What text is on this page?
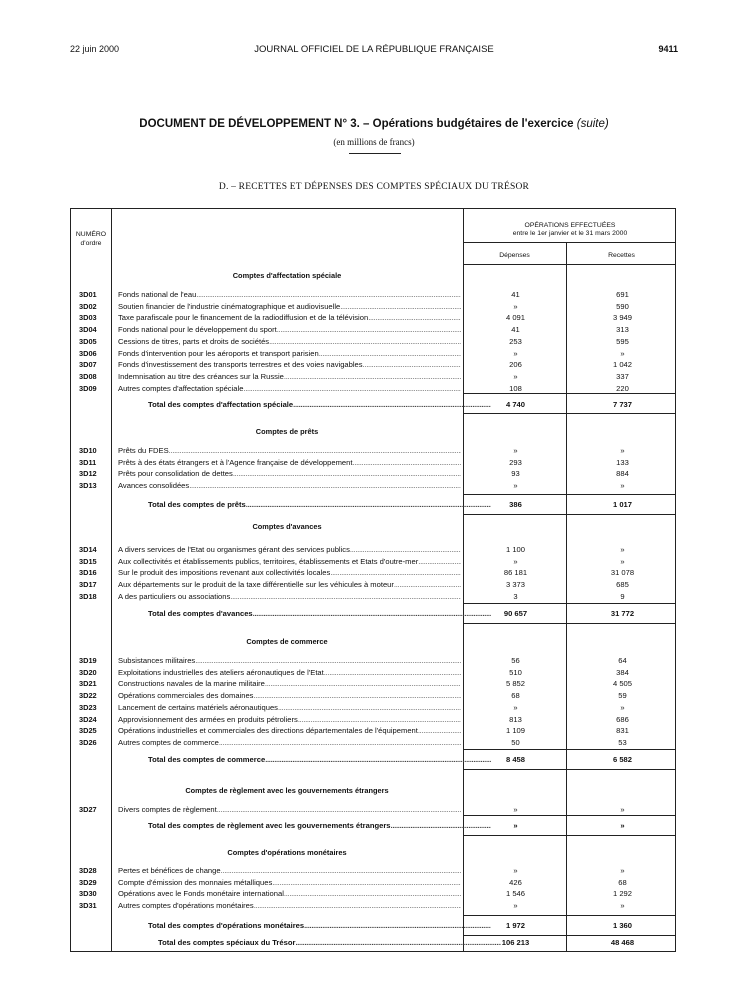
22 juin 2000	JOURNAL OFFICIEL DE LA RÉPUBLIQUE FRANÇAISE	9411
DOCUMENT DE DÉVELOPPEMENT N° 3. – Opérations budgétaires de l'exercice (suite)
(en millions de francs)
D. – RECETTES ET DÉPENSES DES COMPTES SPÉCIAUX DU TRÉSOR
NUMÉRO
d'ordre
OPÉRATIONS EFFECTUÉES
entre le 1er janvier et le 31 mars 2000
Dépenses	Recettes
Comptes d'affectation spéciale
3D01	Fonds national de l'eau .....	41	691
3D02	Soutien financier de l'industrie cinématographique et audiovisuelle .....	»	590
3D03	Taxe parafiscale pour le financement de la radiodiffusion et de la télévision .....	4 091	3 949
3D04	Fonds national pour le développement du sport .....	41	313
3D05	Cessions de titres, parts et droits de sociétés .....	253	595
3D06	Fonds d'intervention pour les aéroports et transport parisien .....	»	»
3D07	Fonds d'investissement des transports terrestres et des voies navigables .....	206	1 042
3D08	Indemnisation au titre des créances sur la Russie .....	»	337
3D09	Autres comptes d'affectation spéciale .....	108	220
Total des comptes d'affectation spéciale .....	4 740	7 737
Comptes de prêts
3D10	Prêts du FDES .....	»	»
3D11	Prêts à des états étrangers et à l'Agence française de développement .....	293	133
3D12	Prêts pour consolidation de dettes .....	93	884
3D13	Avances consolidées .....	»	»
Total des comptes de prêts .....	386	1 017
Comptes d'avances
3D14	A divers services de l'Etat ou organismes gérant des services publics .....	1 100	»
3D15	Aux collectivités et établissements publics, territoires, établissements et Etats d'outre-mer .....	»	»
3D16	Sur le produit des impositions revenant aux collectivités locales .....	86 181	31 078
3D17	Aux départements sur le produit de la taxe différentielle sur les véhicules à moteur .....	3 373	685
3D18	A des particuliers ou associations .....	3	9
Total des comptes d'avances .....	90 657	31 772
Comptes de commerce
3D19	Subsistances militaires .....	56	64
3D20	Exploitations industrielles des ateliers aéronautiques de l'Etat .....	510	384
3D21	Constructions navales de la marine militaire .....	5 852	4 505
3D22	Opérations commerciales des domaines .....	68	59
3D23	Lancement de certains matériels aéronautiques .....	»	»
3D24	Approvisionnement des armées en produits pétroliers .....	813	686
3D25	Opérations industrielles et commerciales des directions départementales de l'équipement .....	1 109	831
3D26	Autres comptes de commerce .....	50	53
Total des comptes de commerce .....	8 458	6 582
Comptes de règlement avec les gouvernements étrangers
3D27	Divers comptes de règlement .....	»	»
Total des comptes de règlement avec les gouvernements étrangers .....	»	»
Comptes d'opérations monétaires
3D28	Pertes et bénéfices de change .....	»	»
3D29	Compte d'émission des monnaies métalliques .....	426	68
3D30	Opérations avec le Fonds monétaire international .....	1 546	1 292
3D31	Autres comptes d'opérations monétaires .....	»	»
Total des comptes d'opérations monétaires .....	1 972	1 360
Total des comptes spéciaux du Trésor .....	106 213	48 468
